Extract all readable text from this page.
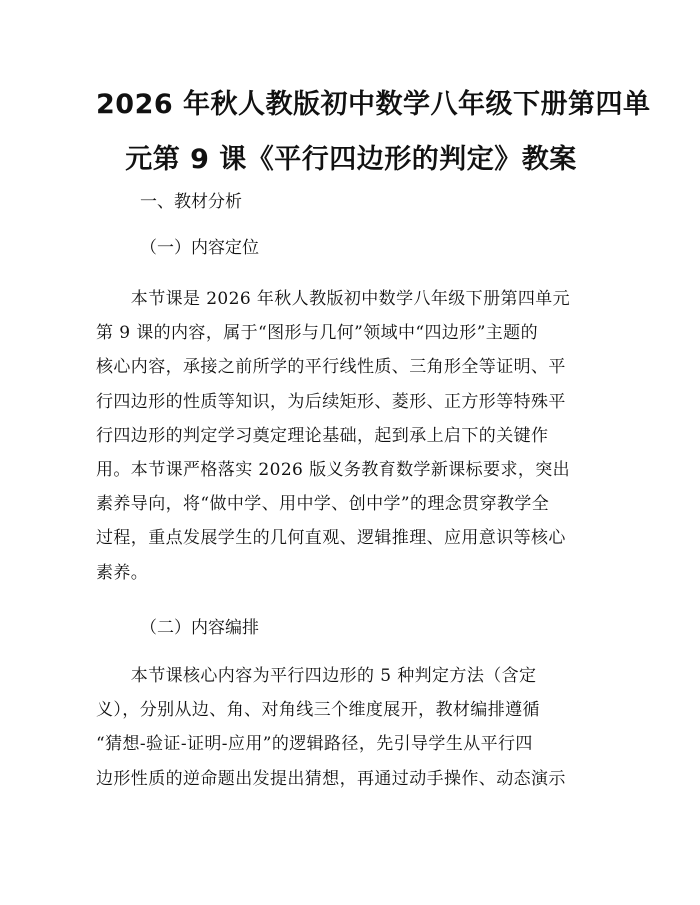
2026 年秋人教版初中数学八年级下册第四单
元第 9 课《平行四边形的判定》教案
一、教材分析
（一）内容定位
　　本节课是 2026 年秋人教版初中数学八年级下册第四单元
第 9 课的内容，属于“图形与几何”领域中“四边形”主题的
核心内容，承接之前所学的平行线性质、三角形全等证明、平
行四边形的性质等知识，为后续矩形、菱形、正方形等特殊平
行四边形的判定学习奠定理论基础，起到承上启下的关键作
用。本节课严格落实 2026 版义务教育数学新课标要求，突出
素养导向，将“做中学、用中学、创中学”的理念贯穿教学全
过程，重点发展学生的几何直观、逻辑推理、应用意识等核心
素养。
（二）内容编排
　　本节课核心内容为平行四边形的 5 种判定方法（含定
义），分别从边、角、对角线三个维度展开，教材编排遵循
“猜想-验证-证明-应用”的逻辑路径，先引导学生从平行四
边形性质的逆命题出发提出猜想，再通过动手操作、动态演示
